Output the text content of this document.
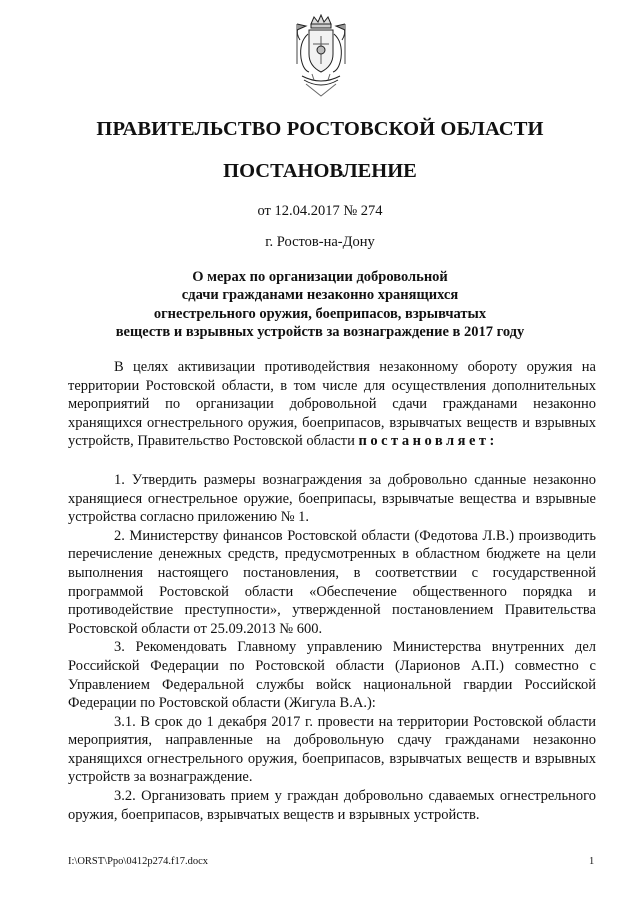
ПРАВИТЕЛЬСТВО РОСТОВСКОЙ ОБЛАСТИ
ПОСТАНОВЛЕНИЕ
от 12.04.2017 № 274
г. Ростов-на-Дону
О мерах по организации добровольной
сдачи гражданами незаконно хранящихся
огнестрельного оружия, боеприпасов, взрывчатых
веществ и взрывных устройств за вознаграждение в 2017 году

В целях активизации противодействия незаконному обороту оружия на территории Ростовской области, в том числе для осуществления дополнительных мероприятий по организации добровольной сдачи гражданами незаконно хранящихся огнестрельного оружия, боеприпасов, взрывчатых веществ и взрывных устройств, Правительство Ростовской области постановляет:

1. Утвердить размеры вознаграждения за добровольно сданные незаконно хранящиеся огнестрельное оружие, боеприпасы, взрывчатые вещества и взрывные устройства согласно приложению № 1.

2. Министерству финансов Ростовской области (Федотова Л.В.) производить перечисление денежных средств, предусмотренных в областном бюджете на цели выполнения настоящего постановления, в соответствии с государственной программой Ростовской области «Обеспечение общественного порядка и противодействие преступности», утвержденной постановлением Правительства Ростовской области от 25.09.2013 № 600.

3. Рекомендовать Главному управлению Министерства внутренних дел Российской Федерации по Ростовской области (Ларионов А.П.) совместно с Управлением Федеральной службы войск национальной гвардии Российской Федерации по Ростовской области (Жигула В.А.):

3.1. В срок до 1 декабря 2017 г. провести на территории Ростовской области мероприятия, направленные на добровольную сдачу гражданами незаконно хранящихся огнестрельного оружия, боеприпасов, взрывчатых веществ и взрывных устройств за вознаграждение.

3.2. Организовать прием у граждан добровольно сдаваемых огнестрельного оружия, боеприпасов, взрывчатых веществ и взрывных устройств.

I:\ORST\Ppo\0412p274.f17.docx	1
